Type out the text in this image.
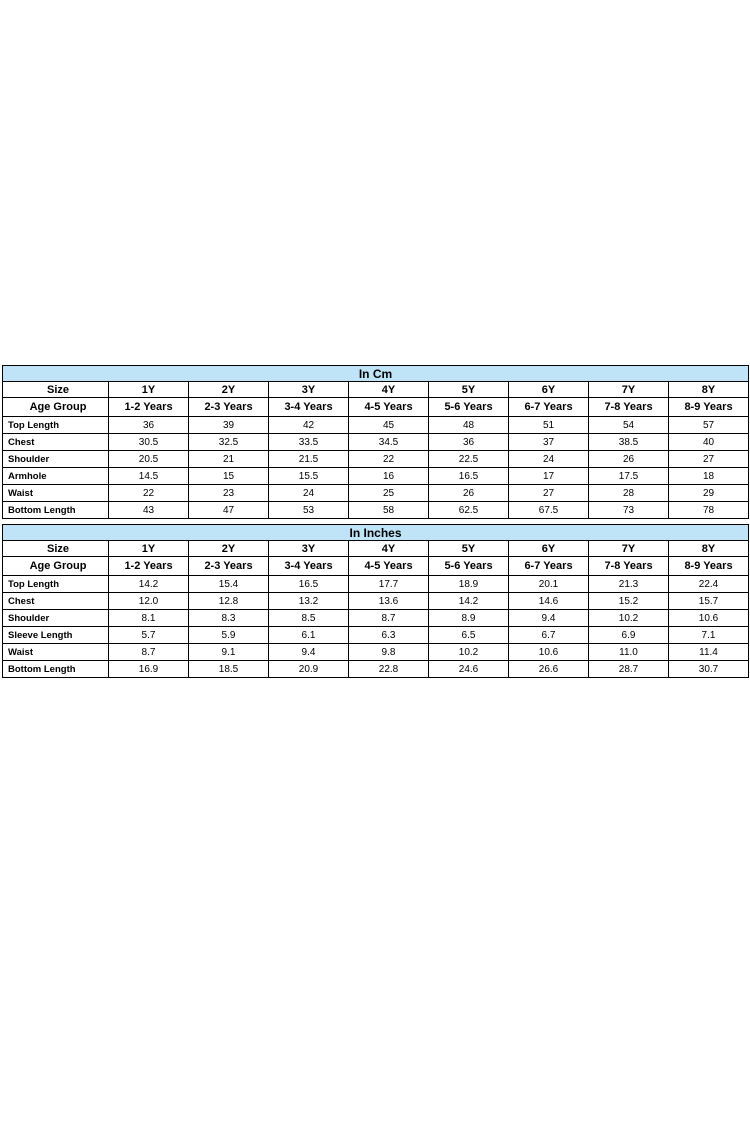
In Cm								
Size	1Y	2Y	3Y	4Y	5Y	6Y	7Y	8Y
Age Group	1-2 Years	2-3 Years	3-4 Years	4-5 Years	5-6 Years	6-7 Years	7-8 Years	8-9 Years
Top Length	36	39	42	45	48	51	54	57
Chest	30.5	32.5	33.5	34.5	36	37	38.5	40
Shoulder	20.5	21	21.5	22	22.5	24	26	27
Armhole	14.5	15	15.5	16	16.5	17	17.5	18
Waist	22	23	24	25	26	27	28	29
Bottom Length	43	47	53	58	62.5	67.5	73	78
In Inches								
Size	1Y	2Y	3Y	4Y	5Y	6Y	7Y	8Y
Age Group	1-2 Years	2-3 Years	3-4 Years	4-5 Years	5-6 Years	6-7 Years	7-8 Years	8-9 Years
Top Length	14.2	15.4	16.5	17.7	18.9	20.1	21.3	22.4
Chest	12.0	12.8	13.2	13.6	14.2	14.6	15.2	15.7
Shoulder	8.1	8.3	8.5	8.7	8.9	9.4	10.2	10.6
Sleeve Length	5.7	5.9	6.1	6.3	6.5	6.7	6.9	7.1
Waist	8.7	9.1	9.4	9.8	10.2	10.6	11.0	11.4
Bottom Length	16.9	18.5	20.9	22.8	24.6	26.6	28.7	30.7
